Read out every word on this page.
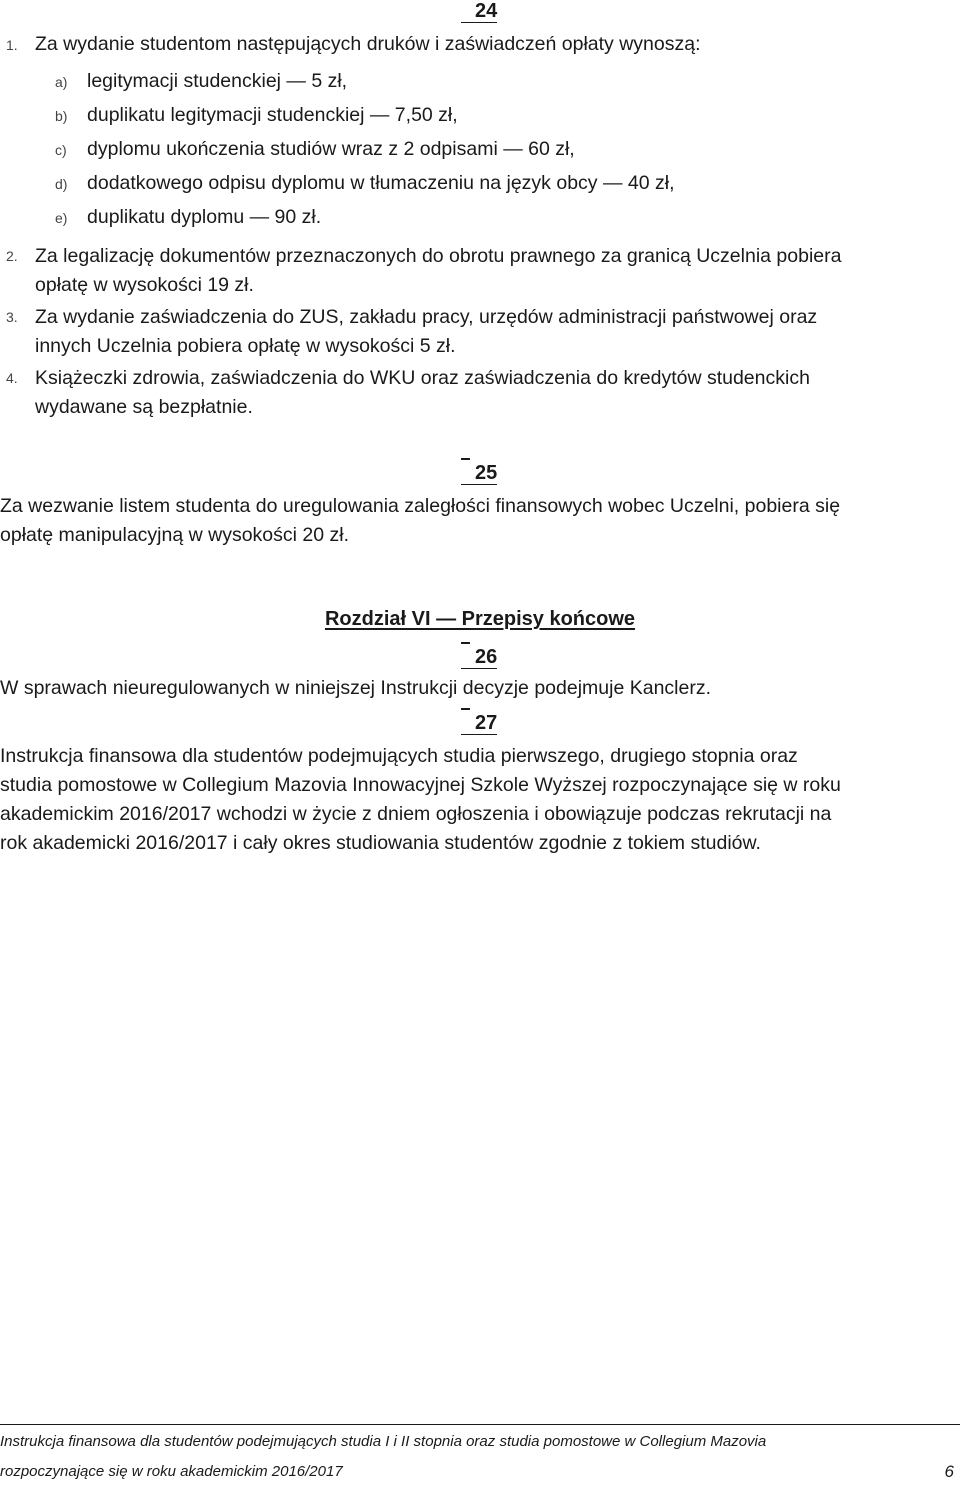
24
1. Za wydanie studentom następujących druków i zaświadczeń opłaty wynoszą:
a) legitymacji studenckiej — 5 zł,
b) duplikatu legitymacji studenckiej — 7,50 zł,
c) dyplomu ukończenia studiów wraz z 2 odpisami — 60 zł,
d) dodatkowego odpisu dyplomu w tłumaczeniu na język obcy — 40 zł,
e) duplikatu dyplomu — 90 zł.
2. Za legalizację dokumentów przeznaczonych do obrotu prawnego za granicą Uczelnia pobiera
opłatę w wysokości 19 zł.
3. Za wydanie zaświadczenia do ZUS, zakładu pracy, urzędów administracji państwowej oraz
innych Uczelnia pobiera opłatę w wysokości 5 zł.
4. Książeczki zdrowia, zaświadczenia do WKU oraz zaświadczenia do kredytów studenckich
wydawane są bezpłatnie.
25
Za wezwanie listem studenta do uregulowania zaległości finansowych wobec Uczelni, pobiera się
opłatę manipulacyjną w wysokości 20 zł.
Rozdział VI — Przepisy końcowe
26
W sprawach nieuregulowanych w niniejszej Instrukcji decyzje podejmuje Kanclerz.
27
Instrukcja finansowa dla studentów podejmujących studia pierwszego, drugiego stopnia oraz
studia pomostowe w Collegium Mazovia Innowacyjnej Szkole Wyższej rozpoczynające się w roku
akademickim 2016/2017 wchodzi w życie z dniem ogłoszenia i obowiązuje podczas rekrutacji na
rok akademicki 2016/2017 i cały okres studiowania studentów zgodnie z tokiem studiów.
Instrukcja finansowa dla studentów podejmujących studia I i II stopnia oraz studia pomostowe w Collegium Mazovia
rozpoczynające się w roku akademickim 2016/2017	6
